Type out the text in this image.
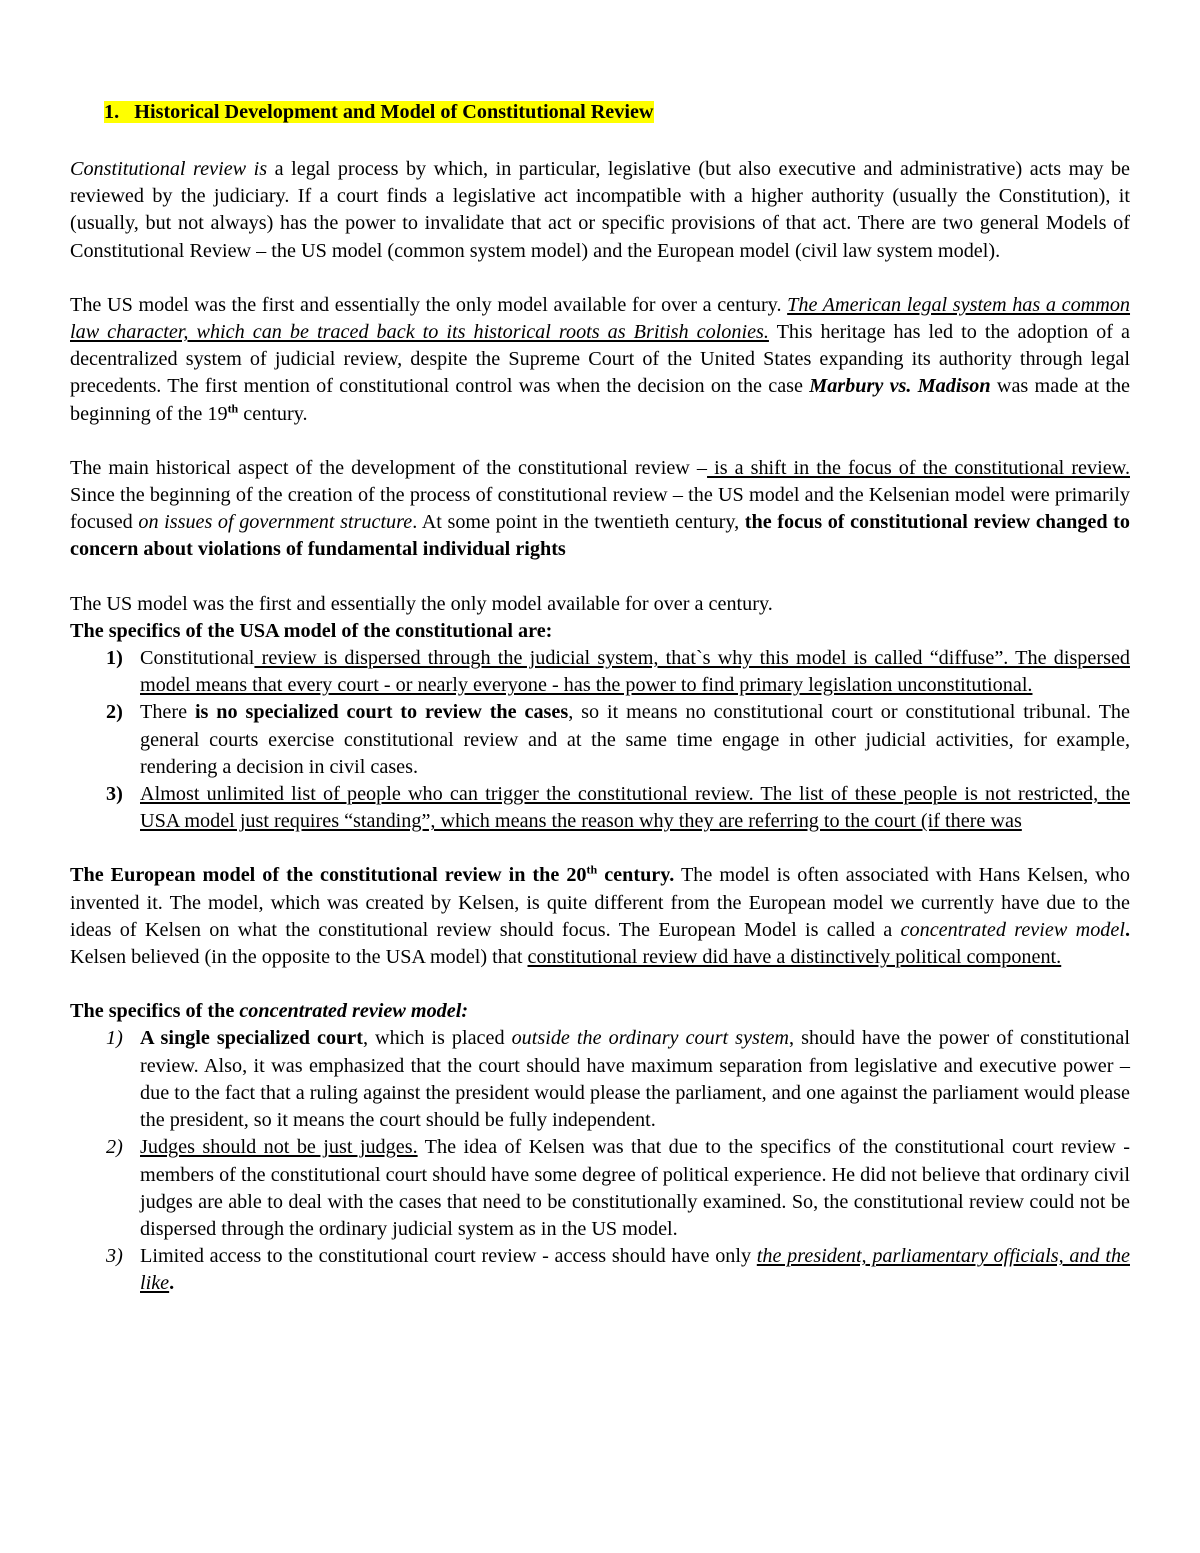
1. Historical Development and Model of Constitutional Review

Constitutional review is a legal process by which, in particular, legislative (but also executive and administrative) acts may be reviewed by the judiciary. If a court finds a legislative act incompatible with a higher authority (usually the Constitution), it (usually, but not always) has the power to invalidate that act or specific provisions of that act. There are two general Models of Constitutional Review – the US model (common system model) and the European model (civil law system model).

The US model was the first and essentially the only model available for over a century. The American legal system has a common law character, which can be traced back to its historical roots as British colonies. This heritage has led to the adoption of a decentralized system of judicial review, despite the Supreme Court of the United States expanding its authority through legal precedents. The first mention of constitutional control was when the decision on the case Marbury vs. Madison was made at the beginning of the 19th century.

The main historical aspect of the development of the constitutional review – is a shift in the focus of the constitutional review. Since the beginning of the creation of the process of constitutional review – the US model and the Kelsenian model were primarily focused on issues of government structure. At some point in the twentieth century, the focus of constitutional review changed to concern about violations of fundamental individual rights

The US model was the first and essentially the only model available for over a century.

The specifics of the USA model of the constitutional are:

1) Constitutional review is dispersed through the judicial system, that`s why this model is called “diffuse”. The dispersed model means that every court - or nearly everyone - has the power to find primary legislation unconstitutional.
2) There is no specialized court to review the cases, so it means no constitutional court or constitutional tribunal. The general courts exercise constitutional review and at the same time engage in other judicial activities, for example, rendering a decision in civil cases.
3) Almost unlimited list of people who can trigger the constitutional review. The list of these people is not restricted, the USA model just requires “standing”, which means the reason why they are referring to the court (if there was

The European model of the constitutional review in the 20th century. The model is often associated with Hans Kelsen, who invented it. The model, which was created by Kelsen, is quite different from the European model we currently have due to the ideas of Kelsen on what the constitutional review should focus. The European Model is called a concentrated review model. Kelsen believed (in the opposite to the USA model) that constitutional review did have a distinctively political component.

The specifics of the concentrated review model:

1) A single specialized court, which is placed outside the ordinary court system, should have the power of constitutional review. Also, it was emphasized that the court should have maximum separation from legislative and executive power – due to the fact that a ruling against the president would please the parliament, and one against the parliament would please the president, so it means the court should be fully independent.
2) Judges should not be just judges. The idea of Kelsen was that due to the specifics of the constitutional court review - members of the constitutional court should have some degree of political experience. He did not believe that ordinary civil judges are able to deal with the cases that need to be constitutionally examined. So, the constitutional review could not be dispersed through the ordinary judicial system as in the US model.
3) Limited access to the constitutional court review - access should have only the president, parliamentary officials, and the like.
